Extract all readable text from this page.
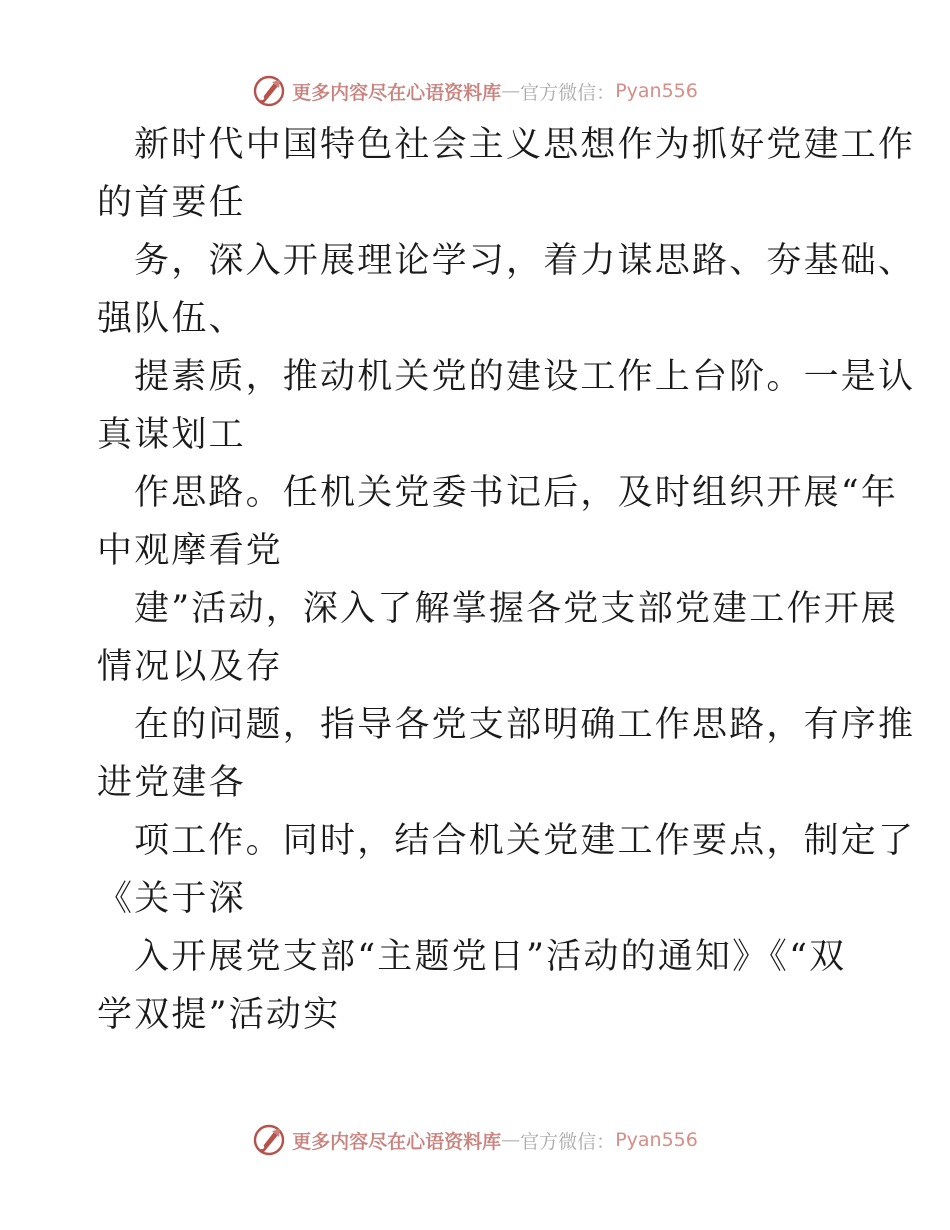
更多内容尽在心语资料库 — 官方微信： Pyan556
新时代中国特色社会主义思想作为抓好党建工作
的首要任
务，深入开展理论学习，着力谋思路、夯基础、
强队伍、
提素质，推动机关党的建设工作上台阶。一是认
真谋划工
作思路。任机关党委书记后，及时组织开展“年
中观摩看党
建”活动，深入了解掌握各党支部党建工作开展
情况以及存
在的问题，指导各党支部明确工作思路，有序推
进党建各
项工作。同时，结合机关党建工作要点，制定了
《关于深
入开展党支部“主题党日”活动的通知》《“双
学双提”活动实
更多内容尽在心语资料库 — 官方微信： Pyan556
